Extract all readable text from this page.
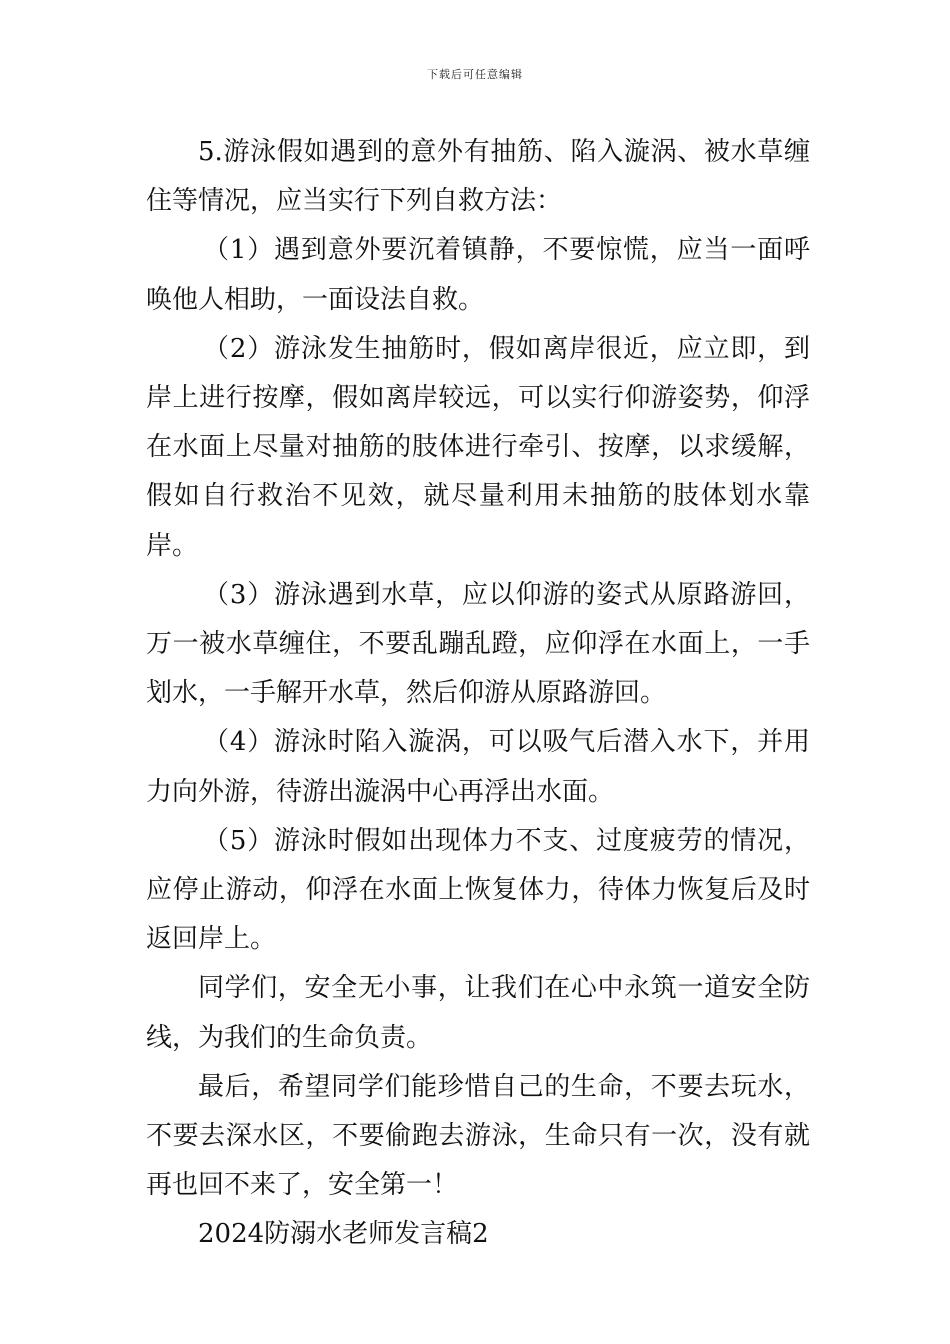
下载后可任意编辑

5.游泳假如遇到的意外有抽筋、陷入漩涡、被水草缠住等情况，应当实行下列自救方法：

（1）遇到意外要沉着镇静，不要惊慌，应当一面呼唤他人相助，一面设法自救。

（2）游泳发生抽筋时，假如离岸很近，应立即，到岸上进行按摩，假如离岸较远，可以实行仰游姿势，仰浮在水面上尽量对抽筋的肢体进行牵引、按摩，以求缓解，假如自行救治不见效，就尽量利用未抽筋的肢体划水靠岸。

（3）游泳遇到水草，应以仰游的姿式从原路游回，万一被水草缠住，不要乱蹦乱蹬，应仰浮在水面上，一手划水，一手解开水草，然后仰游从原路游回。

（4）游泳时陷入漩涡，可以吸气后潜入水下，并用力向外游，待游出漩涡中心再浮出水面。

（5）游泳时假如出现体力不支、过度疲劳的情况，应停止游动，仰浮在水面上恢复体力，待体力恢复后及时返回岸上。

同学们，安全无小事，让我们在心中永筑一道安全防线，为我们的生命负责。

最后，希望同学们能珍惜自己的生命，不要去玩水，不要去深水区，不要偷跑去游泳，生命只有一次，没有就再也回不来了，安全第一！

2024防溺水老师发言稿2
